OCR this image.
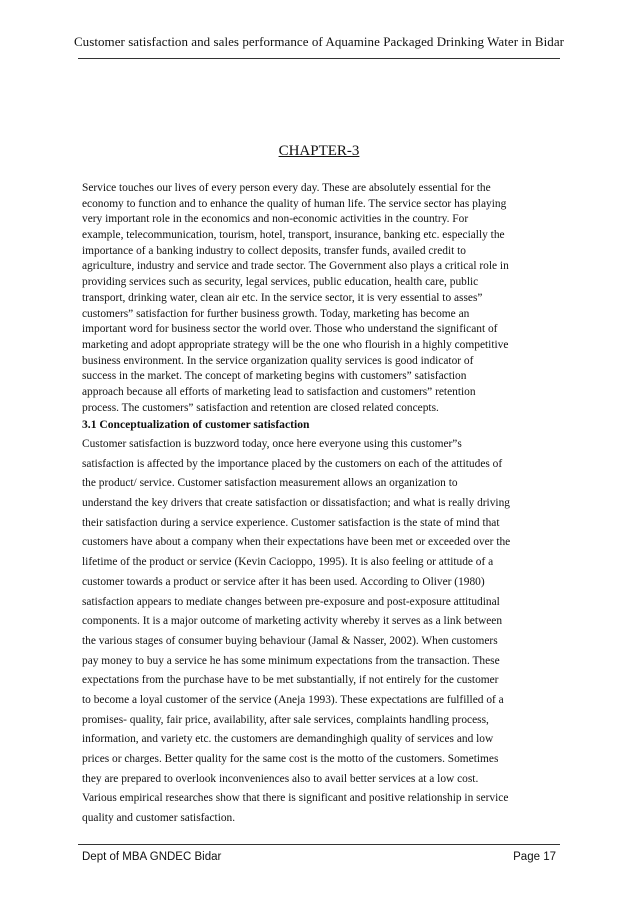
Customer satisfaction and sales performance of Aquamine Packaged Drinking Water in Bidar
CHAPTER-3
Service touches our lives of every person every day. These are absolutely essential for the
economy to function and to enhance the quality of human life. The service sector has playing
very important role in the economics and non-economic activities in the country. For
example, telecommunication, tourism, hotel, transport, insurance, banking etc. especially the
importance of a banking industry to collect deposits, transfer funds, availed credit to
agriculture, industry and service and trade sector. The Government also plays a critical role in
providing services such as security, legal services, public education, health care, public
transport, drinking water, clean air etc. In the service sector, it is very essential to asses”
customers” satisfaction for further business growth. Today, marketing has become an
important word for business sector the world over. Those who understand the significant of
marketing and adopt appropriate strategy will be the one who flourish in a highly competitive
business environment. In the service organization quality services is good indicator of
success in the market. The concept of marketing begins with customers” satisfaction
approach because all efforts of marketing lead to satisfaction and customers” retention
process. The customers” satisfaction and retention are closed related concepts.
3.1 Conceptualization of customer satisfaction
Customer satisfaction is buzzword today, once here everyone using this customer”s
satisfaction is affected by the importance placed by the customers on each of the attitudes of
the product/ service. Customer satisfaction measurement allows an organization to
understand the key drivers that create satisfaction or dissatisfaction; and what is really driving
their satisfaction during a service experience. Customer satisfaction is the state of mind that
customers have about a company when their expectations have been met or exceeded over the
lifetime of the product or service (Kevin Cacioppo, 1995). It is also feeling or attitude of a
customer towards a product or service after it has been used. According to Oliver (1980)
satisfaction appears to mediate changes between pre-exposure and post-exposure attitudinal
components. It is a major outcome of marketing activity whereby it serves as a link between
the various stages of consumer buying behaviour (Jamal & Nasser, 2002). When customers
pay money to buy a service he has some minimum expectations from the transaction. These
expectations from the purchase have to be met substantially, if not entirely for the customer
to become a loyal customer of the service (Aneja 1993). These expectations are fulfilled of a
promises- quality, fair price, availability, after sale services, complaints handling process,
information, and variety etc. the customers are demandinghigh quality of services and low
prices or charges. Better quality for the same cost is the motto of the customers. Sometimes
they are prepared to overlook inconveniences also to avail better services at a low cost.
Various empirical researches show that there is significant and positive relationship in service
quality and customer satisfaction.
Dept of MBA GNDEC Bidar	Page 17
